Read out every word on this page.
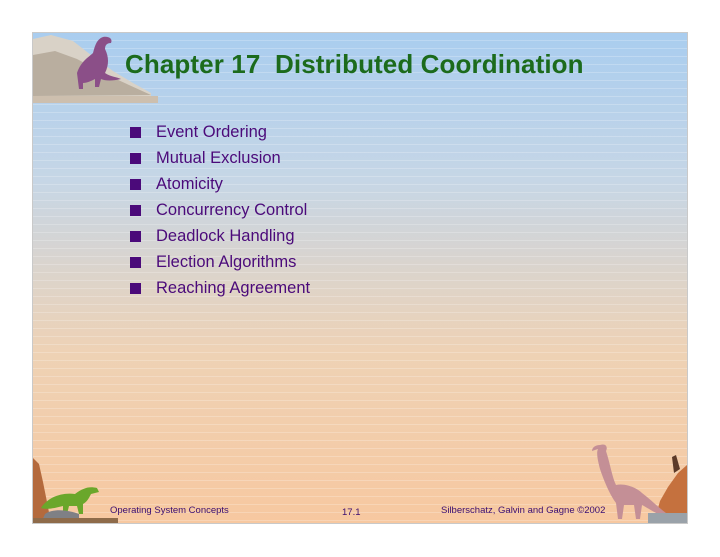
Chapter 17  Distributed Coordination
Event Ordering
Mutual Exclusion
Atomicity
Concurrency Control
Deadlock Handling
Election Algorithms
Reaching Agreement
Operating System Concepts	17.1	Silberschatz, Galvin and Gagne ©2002
